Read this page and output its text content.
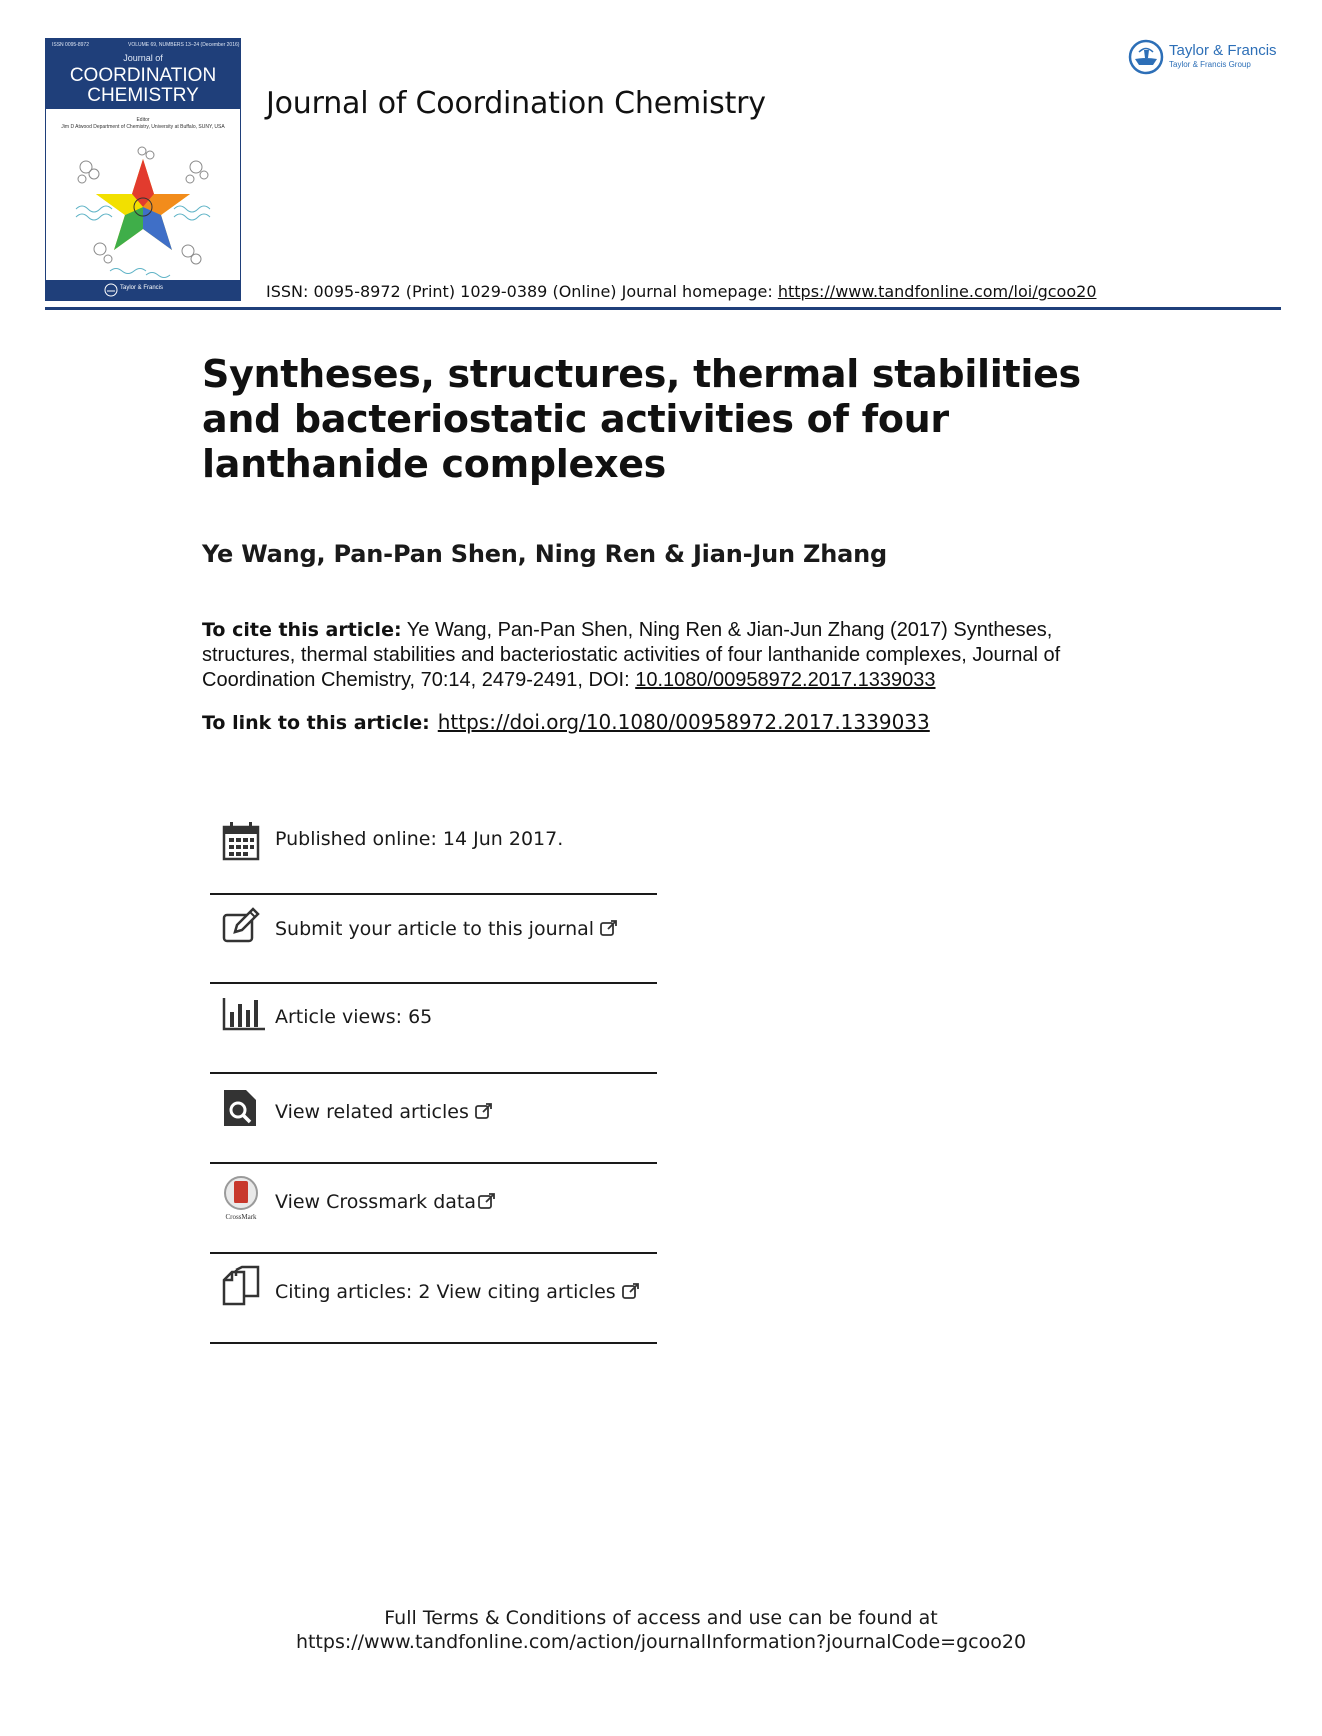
ISSN 0095-8972	VOLUME 69, NUMBERS 13–24 (December 2016)
Journal of
COORDINATION
CHEMISTRY
Editor
Jim D Atwood Department of Chemistry, University at Buffalo, SUNY, USA
Taylor & Francis
Journal of Coordination Chemistry
ISSN: 0095-8972 (Print) 1029-0389 (Online) Journal homepage: https://www.tandfonline.com/loi/gcoo20
Taylor & Francis
Taylor & Francis Group
Syntheses, structures, thermal stabilities and bacteriostatic activities of four lanthanide complexes
Ye Wang, Pan-Pan Shen, Ning Ren & Jian-Jun Zhang
To cite this article: Ye Wang, Pan-Pan Shen, Ning Ren & Jian-Jun Zhang (2017) Syntheses, structures, thermal stabilities and bacteriostatic activities of four lanthanide complexes, Journal of Coordination Chemistry, 70:14, 2479-2491, DOI: 10.1080/00958972.2017.1339033
To link to this article: https://doi.org/10.1080/00958972.2017.1339033
Published online: 14 Jun 2017.
Submit your article to this journal
Article views: 65
View related articles
CrossMark
View Crossmark data
Citing articles: 2 View citing articles
Full Terms & Conditions of access and use can be found at
https://www.tandfonline.com/action/journalInformation?journalCode=gcoo20
